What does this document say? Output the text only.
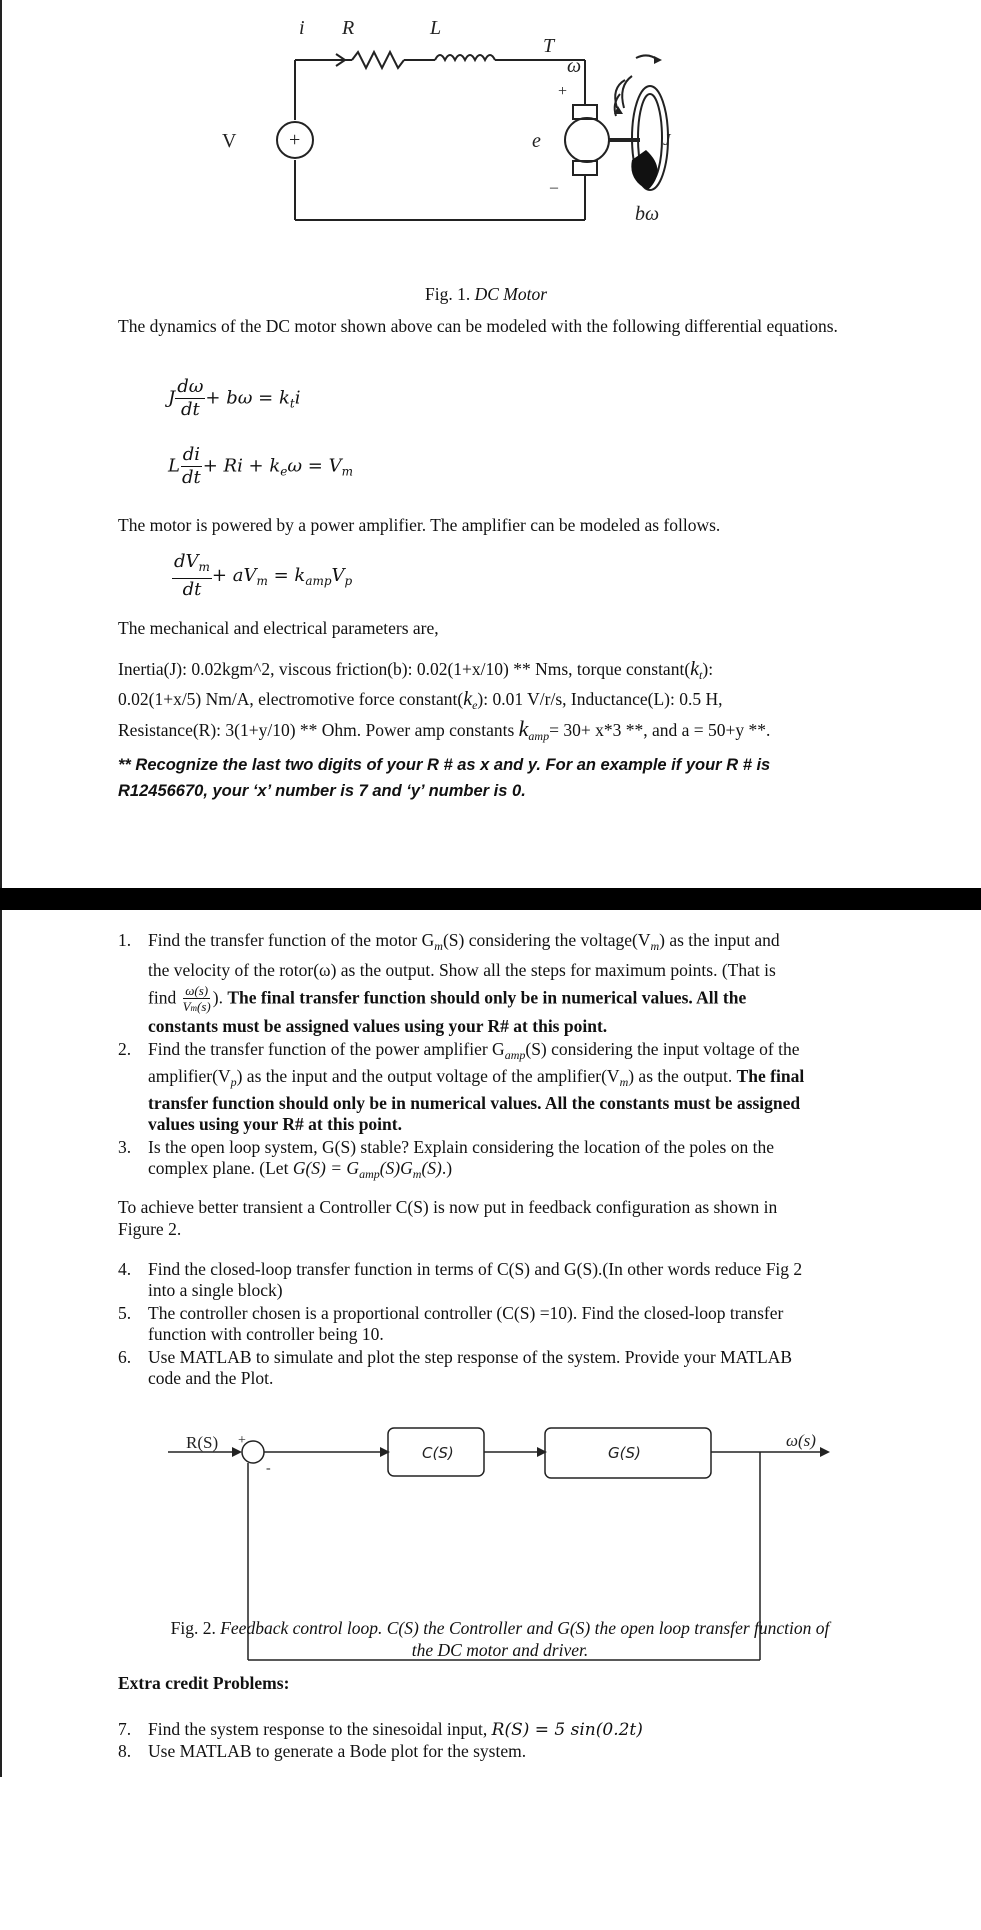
i R	L
T
ω
V	+	e
+
–
J
bω
Fig. 1. DC Motor
The dynamics of the DC motor shown above can be modeled with the following differential equations.
J $\frac{d\omega}{dt} + b\omega = k_ti$
L $\frac{di}{dt} + Ri + k_e\omega = V_m$
The motor is powered by a power amplifier. The amplifier can be modeled as follows.
$\frac{dV_m}{dt} + aV_m = k_{amp}V_p$
The mechanical and electrical parameters are,
Inertia(J): 0.02kgm^2, viscous friction(b): 0.02(1+x/10) ** Nms, torque $constant(k_t)$:
0.02(1+x/5) Nm/A, electromotive force $constant(k_e)$: 0.01 V/r/s, Inductance(L): 0.5 H,
Resistance(R): 3(1+y/10) ** Ohm. Power amp constants $k_{amp}= 30+ x*3$ **, and a = 50+y **.
** Recognize the last two digits of your R # as x and y. For an example if your R # is
R12456670, your ‘x’ number is 7 and ‘y’ number is 0.
1. Find the transfer function of the motor $G_m(S)$ considering the $voltage(V_m)$ as the input and
the velocity of the rotor(ω) as the output. Show all the steps for maximum points. (That is
find $\frac{\omega(s)}{Vm(s)}$ ). The final transfer function should only be in numerical values. All the
constants must be assigned values using your R# at this point.
2. Find the transfer function of the power amplifier $G_{amp}(S)$ considering the input voltage of the
$amplifier(V_p)$ as the input and the output voltage of the $amplifier(V_m)$ as the output. The final
transfer function should only be in numerical values. All the constants must be assigned
values using your R# at this point.
3. Is the open loop system, G(S) stable? Explain considering the location of the poles on the
complex plane. (Let $G(S) = G_{amp}(S)G_m(S)$.)
To achieve better transient a Controller C(S) is now put in feedback configuration as shown in
Figure 2.
4. Find the closed-loop transfer function in terms of C(S) and G(S).(In other words reduce Fig 2
into a single block)
5. The controller chosen is a proportional controller (C(S) =10). Find the closed-loop transfer
function with controller being 10.
6. Use MATLAB to simulate and plot the step response of the system. Provide your MATLAB
code and the Plot.
R(S) +
-
C(S)	G(S)
ω(s)
Fig. 2. Feedback control loop. C(S) the Controller and G(S) the open loop transfer function of
the DC motor and driver.
Extra credit Problems:
7. Find the system response to the sinesoidal input, R(S) = 5 sin(0.2t)
8. Use MATLAB to generate a Bode plot for the system.
